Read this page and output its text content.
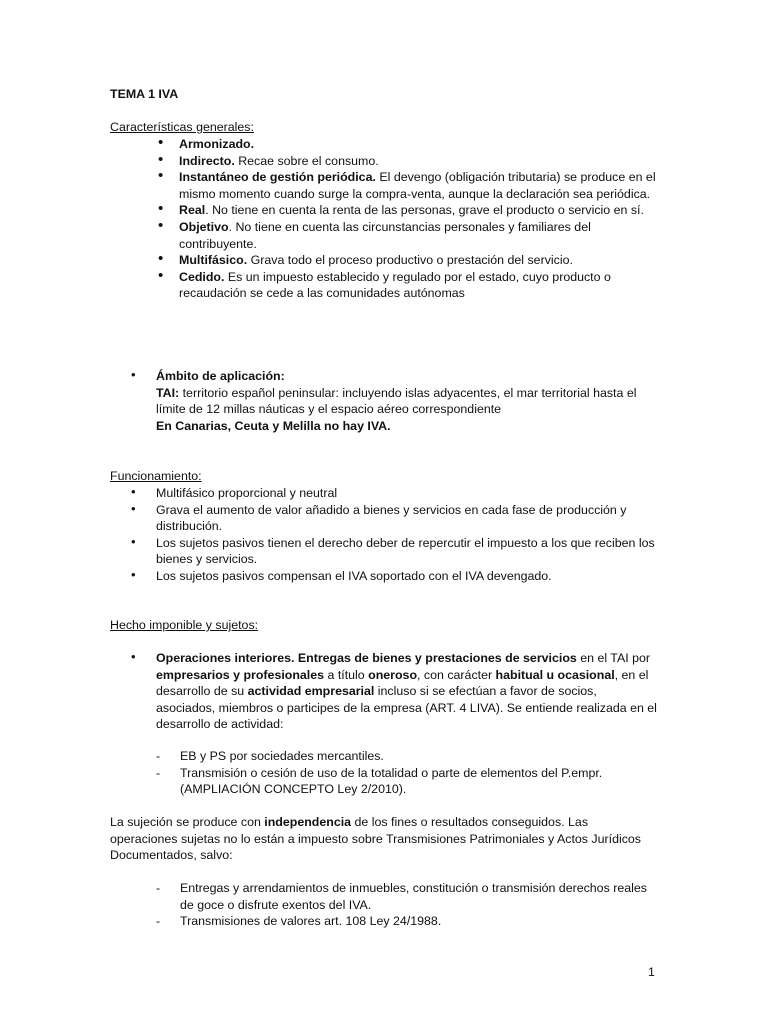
TEMA 1 IVA
Características generales:
• Armonizado.
• Indirecto. Recae sobre el consumo.
• Instantáneo de gestión periódica. El devengo (obligación tributaria) se produce en el mismo momento cuando surge la compra-venta, aunque la declaración sea periódica.
• Real. No tiene en cuenta la renta de las personas, grave el producto o servicio en sí.
• Objetivo. No tiene en cuenta las circunstancias personales y familiares del contribuyente.
• Multifásico. Grava todo el proceso productivo o prestación del servicio.
• Cedido. Es un impuesto establecido y regulado por el estado, cuyo producto o recaudación se cede a las comunidades autónomas
• Ámbito de aplicación:
TAI: territorio español peninsular: incluyendo islas adyacentes, el mar territorial hasta el límite de 12 millas náuticas y el espacio aéreo correspondiente
En Canarias, Ceuta y Melilla no hay IVA.
Funcionamiento:
• Multifásico proporcional y neutral
• Grava el aumento de valor añadido a bienes y servicios en cada fase de producción y distribución.
• Los sujetos pasivos tienen el derecho deber de repercutir el impuesto a los que reciben los bienes y servicios.
• Los sujetos pasivos compensan el IVA soportado con el IVA devengado.
Hecho imponible y sujetos:
• Operaciones interiores. Entregas de bienes y prestaciones de servicios en el TAI por empresarios y profesionales a título oneroso, con carácter habitual u ocasional, en el desarrollo de su actividad empresarial incluso si se efectúan a favor de socios, asociados, miembros o participes de la empresa (ART. 4 LIVA). Se entiende realizada en el desarrollo de actividad:
- EB y PS por sociedades mercantiles.
- Transmisión o cesión de uso de la totalidad o parte de elementos del P.empr. (AMPLIACIÓN CONCEPTO Ley 2/2010).
La sujeción se produce con independencia de los fines o resultados conseguidos. Las operaciones sujetas no lo están a impuesto sobre Transmisiones Patrimoniales y Actos Jurídicos Documentados, salvo:
- Entregas y arrendamientos de inmuebles, constitución o transmisión derechos reales de goce o disfrute exentos del IVA.
- Transmisiones de valores art. 108 Ley 24/1988.
1
